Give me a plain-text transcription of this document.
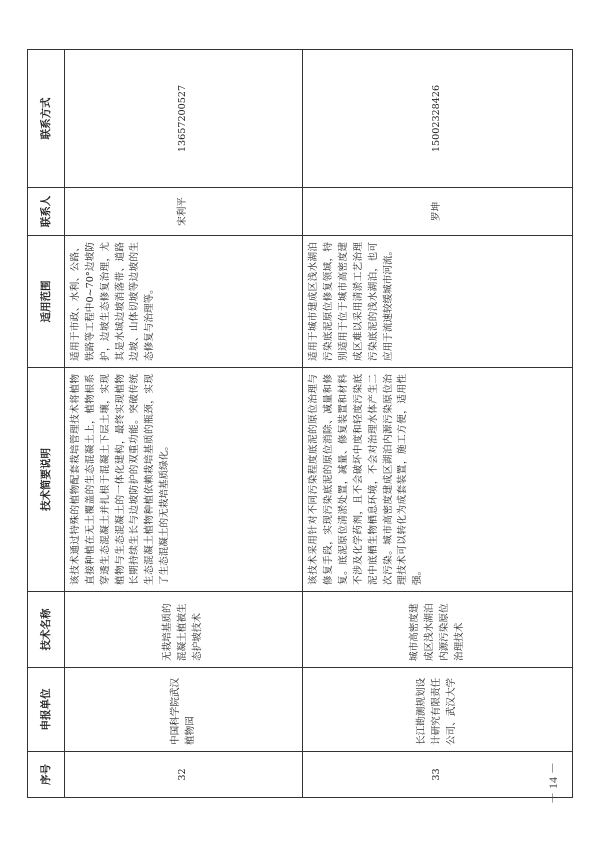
序号	申报单位	技术名称	技术简要说明	适用范围	联系人	联系方式
32	中国科学院武汉植物园	无栽培基质的混凝土植被生态护坡技术	该技术通过特殊的植物配套栽培管理技术将植物直接种植在无土覆盖的生态混凝土上，植物根系穿透生态混凝土并扎根于混凝土下层土壤，实现植物与生态混凝土的一体化建构，最终实现植物长期持续生长与边坡防护的双重功能。突破传统生态混凝土植物种植依赖栽培基质的瓶颈，实现了生态混凝土的无栽培基质绿化。	适用于市政、水利、公路、铁路等工程中0~70°边坡防护，边坡生态修复治理，尤其是水域边坡消落带、道路边坡、山体切坡等边坡的生态修复与治理等。	宋利平	13657200527
33	长江勘测规划设计研究有限责任公司、武汉大学	城市高密度建成区浅水湖泊内源污染原位治理技术	该技术采用针对不同污染程度底泥的原位治理与修复手段，实现污染底泥的原位消除、减量和修复。底泥原位清淤处置，减量、修复装置和材料不涉及化学药剂，且不会破坏中度和轻度污染底泥中底栖生物栖息环境，不会对治理水体产生二次污染。城市高密度建成区湖泊内源污染原位治理技术可以转化为成套装置，施工方便，适用性强。	适用于城市建成区浅水湖泊污染底泥原位修复领域，特别适用于位于城市高密度建成区难以采用清淤工艺治理污染底泥的浅水湖泊，也可应用于流速较缓城市河流。	罗坤	15002328426
－ 14 －
